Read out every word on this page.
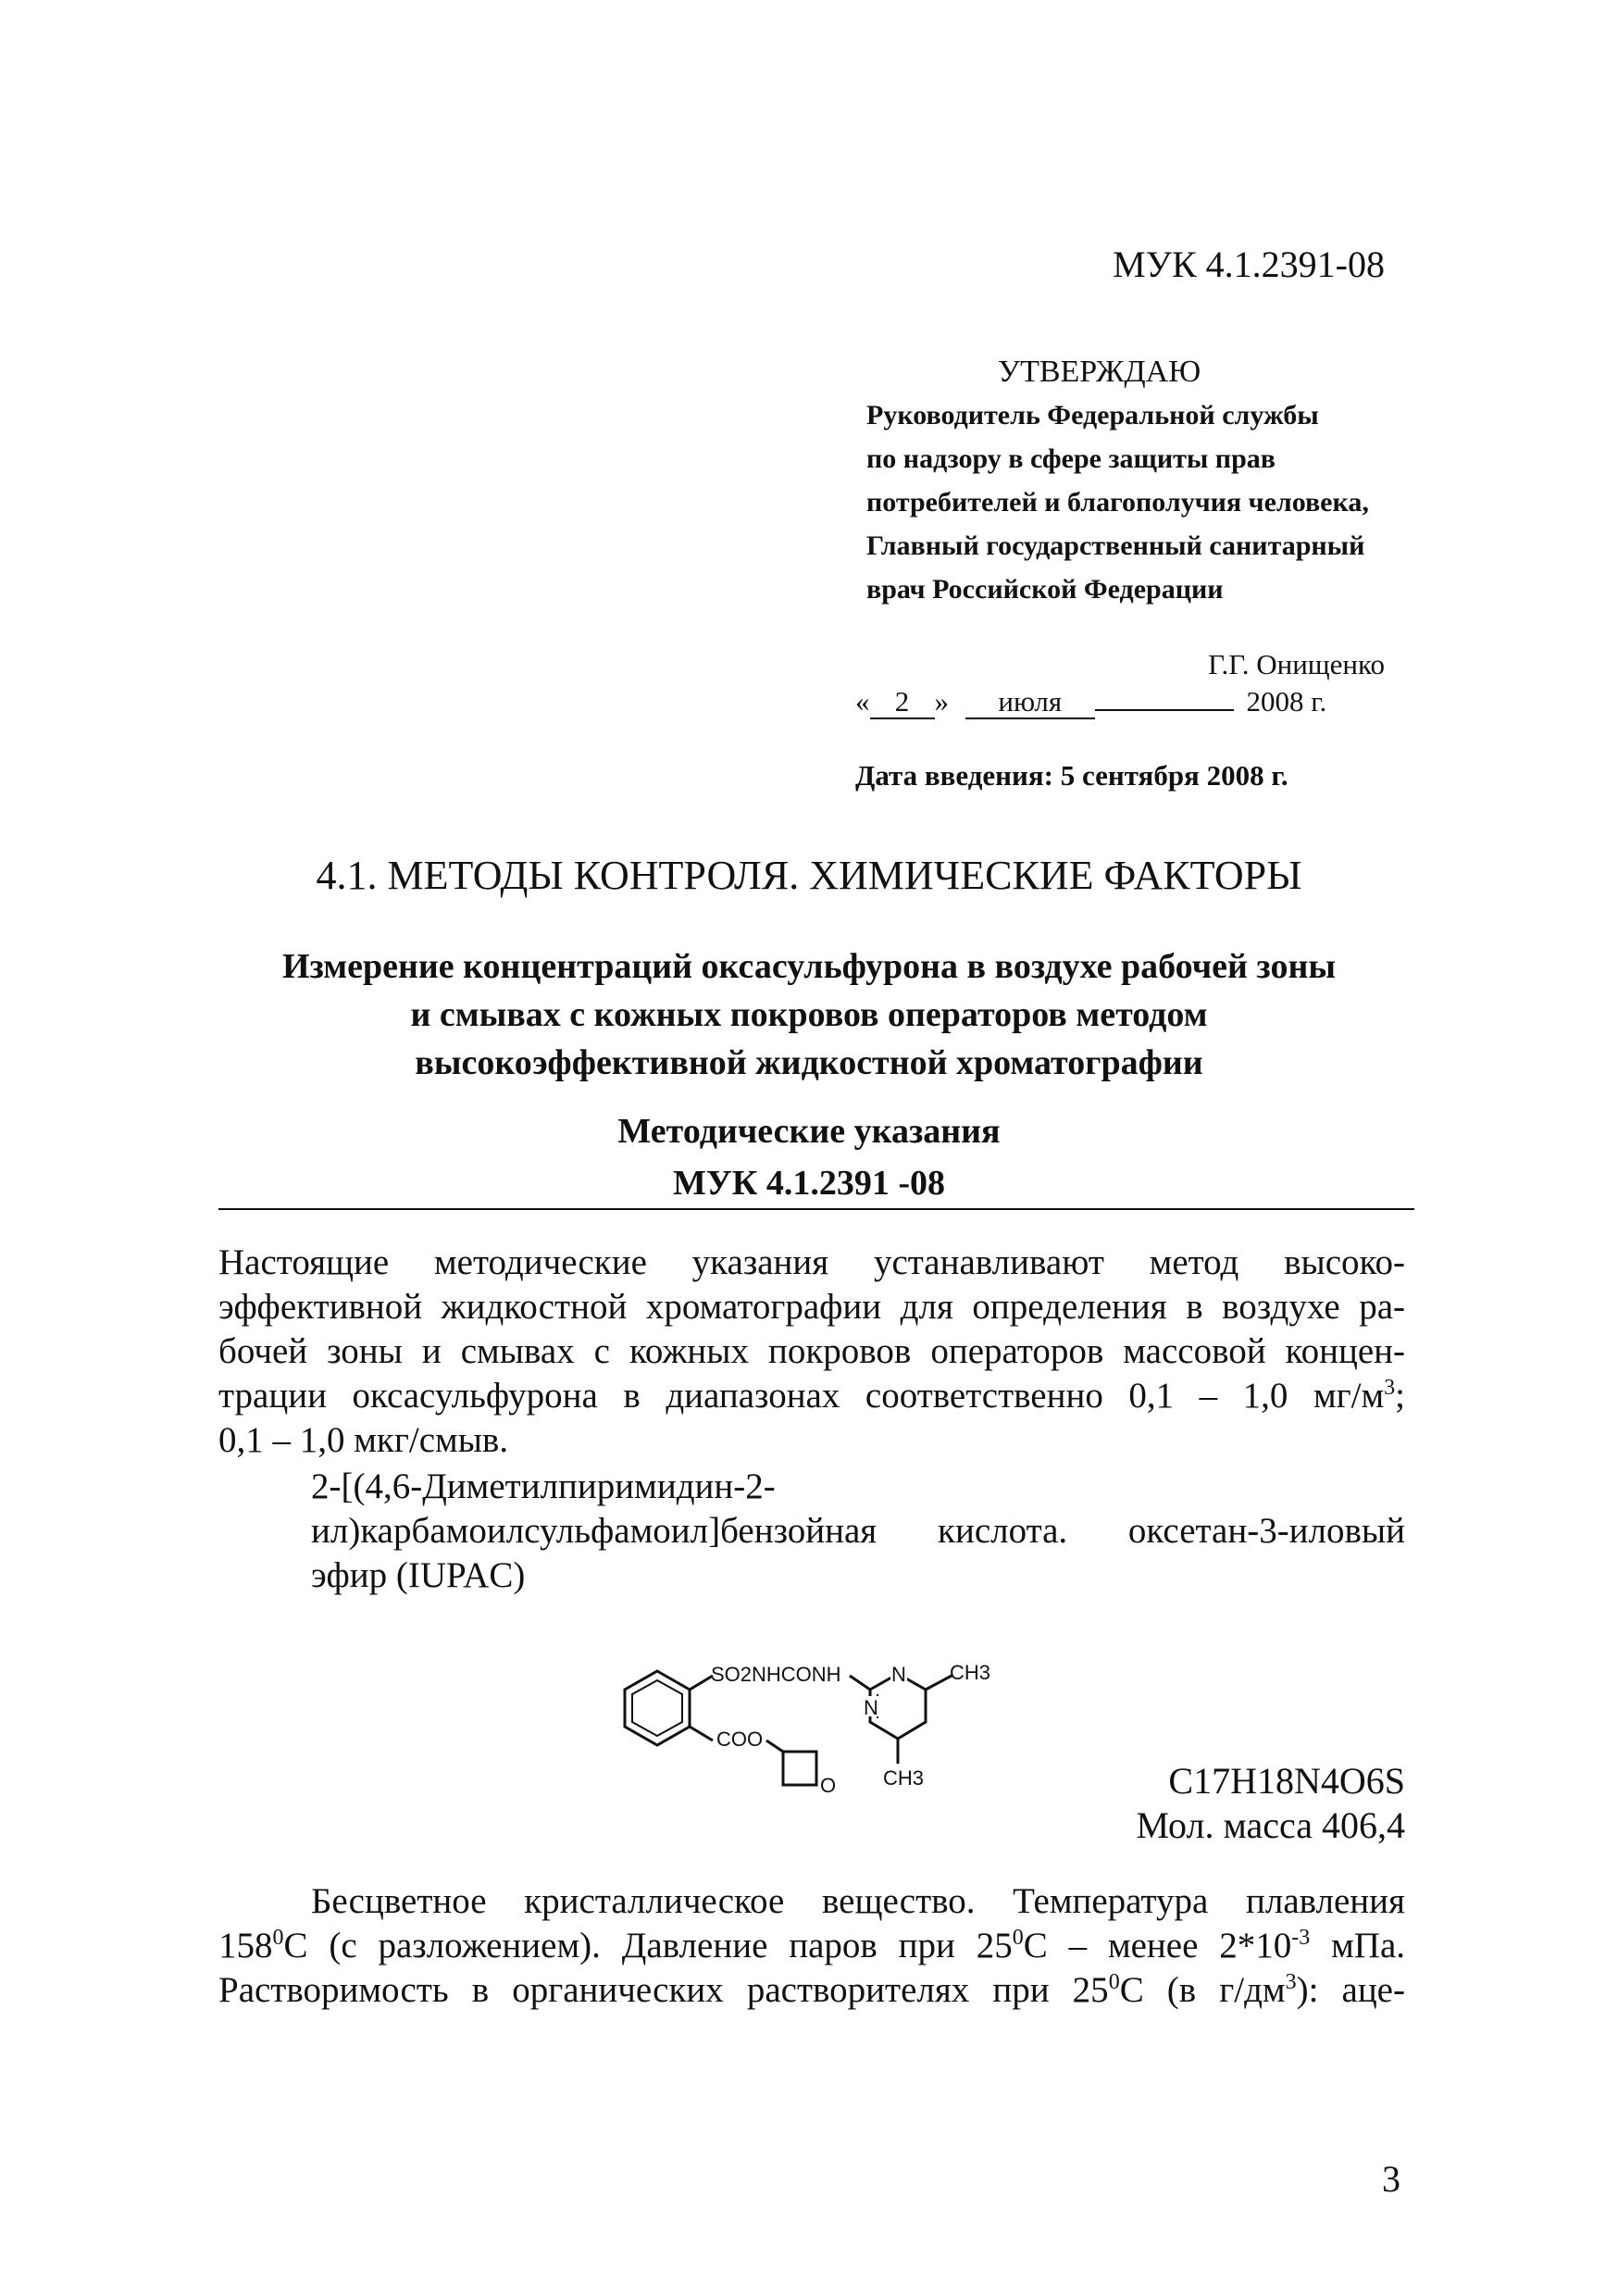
МУК 4.1.2391-08
УТВЕРЖДАЮ
Руководитель Федеральной службы
по надзору в сфере защиты прав
потребителей и благополучия человека,
Главный государственный санитарный
врач Российской Федерации
Г.Г. Онищенко
« 2 » июля	2008 г.
Дата введения: 5 сентября 2008 г.
4.1. МЕТОДЫ КОНТРОЛЯ. ХИМИЧЕСКИЕ ФАКТОРЫ
Измерение концентраций оксасульфурона в воздухе рабочей зоны
и смывах с кожных покровов операторов методом
высокоэффективной жидкостной хроматографии
Методические указания
МУК 4.1.2391 -08
Настоящие методические указания устанавливают метод высоко-
эффективной жидкостной хроматографии для определения в воздухе ра-
бочей зоны и смывах с кожных покровов операторов массовой концен-
трации оксасульфурона в диапазонах соответственно 0,1 – 1,0 $мг/м^3$;
0,1 – 1,0 мкг/смыв.
2-[(4,6-Диметилпиримидин-2-
ил)карбамоилсульфамоил]бензойная кислота. оксетан-3-иловый
эфир (IUPAC)
SO2NHCONH
COO
N
N
CH3
CH3
O	C17H18N4O6S
Мол. масса 406,4
Бесцветное кристаллическое вещество. Температура плавления
$158^0C$ (с разложением). Давление паров при $25^0С$ – менее $2*10^{-3}$ мПа.
Растворимость в органических растворителях при $25^0С$ (в $г/дм^3$): аце-
3
